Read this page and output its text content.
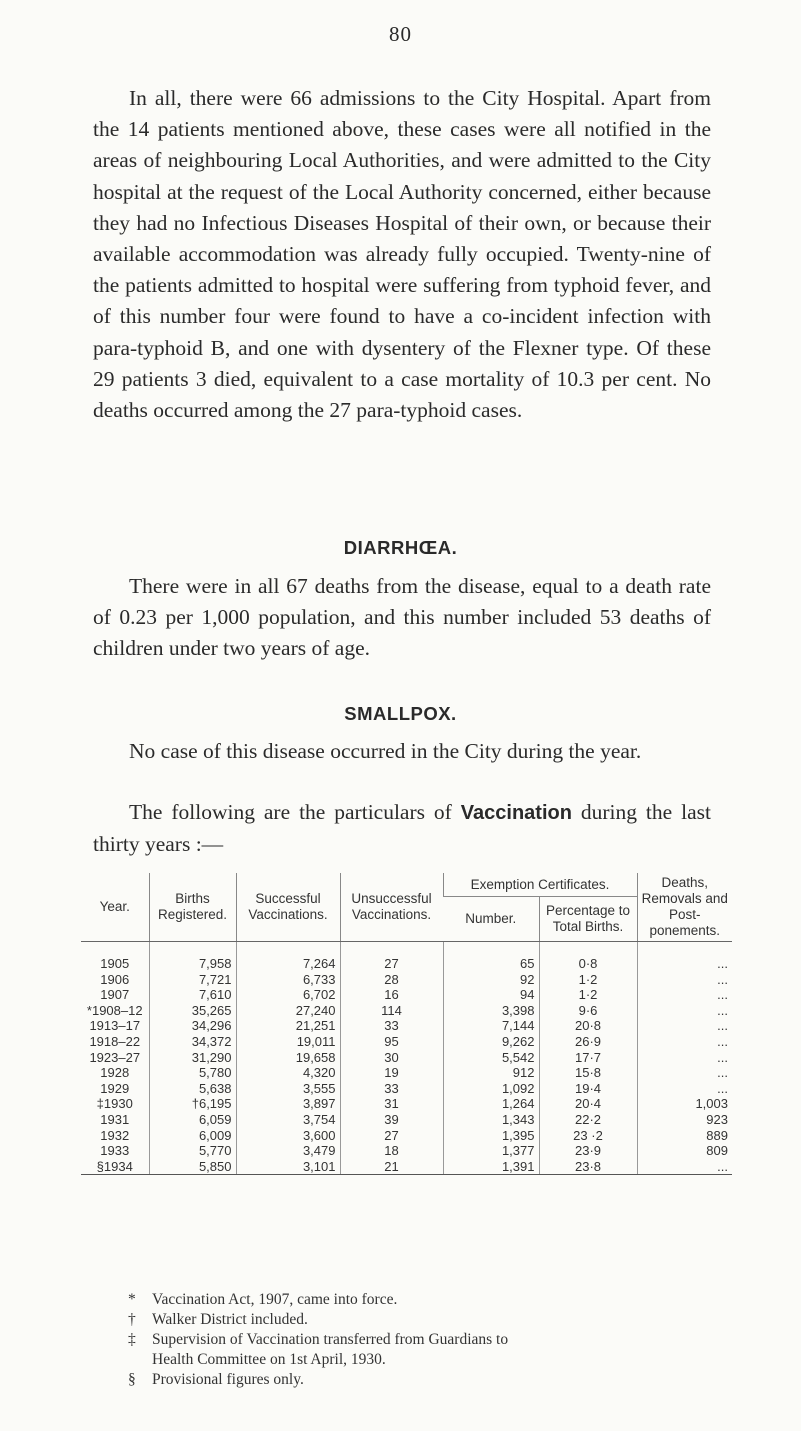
80

In all, there were 66 admissions to the City Hospital. Apart from the 14 patients mentioned above, these cases were all notified in the areas of neighbouring Local Authorities, and were admitted to the City hospital at the request of the Local Authority concerned, either because they had no Infectious Diseases Hospital of their own, or because their available accommodation was already fully occupied. Twenty-nine of the patients admitted to hospital were suffering from typhoid fever, and of this number four were found to have a co-incident infection with para-typhoid B, and one with dysentery of the Flexner type. Of these 29 patients 3 died, equivalent to a case mortality of 10.3 per cent. No deaths occurred among the 27 para-typhoid cases.

DIARRHŒA.

There were in all 67 deaths from the disease, equal to a death rate of 0.23 per 1,000 population, and this number included 53 deaths of children under two years of age.

SMALLPOX.

No case of this disease occurred in the City during the year.

The following are the particulars of Vaccination during the last thirty years :—

Year.	Births Registered.	Successful Vaccinations.	Unsuccessful Vaccinations.	Exemption Certificates.		Deaths, Removals and Post-ponements.
				Number.	Percentage to Total Births.	
1905	7,958	7,264	27	65	0·8	...
1906	7,721	6,733	28	92	1·2	...
1907	7,610	6,702	16	94	1·2	...
*1908–12	35,265	27,240	114	3,398	9·6	...
1913–17	34,296	21,251	33	7,144	20·8	...
1918–22	34,372	19,011	95	9,262	26·9	...
1923–27	31,290	19,658	30	5,542	17·7	...
1928	5,780	4,320	19	912	15·8	...
1929	5,638	3,555	33	1,092	19·4	...
‡1930	†6,195	3,897	31	1,264	20·4	1,003
1931	6,059	3,754	39	1,343	22·2	923
1932	6,009	3,600	27	1,395	23 ·2	889
1933	5,770	3,479	18	1,377	23·9	809
§1934	5,850	3,101	21	1,391	23·8	...

* Vaccination Act, 1907, came into force.

† Walker District included.

‡ Supervision of Vaccination transferred from Guardians to

Health Committee on 1st April, 1930.

§ Provisional figures only.
